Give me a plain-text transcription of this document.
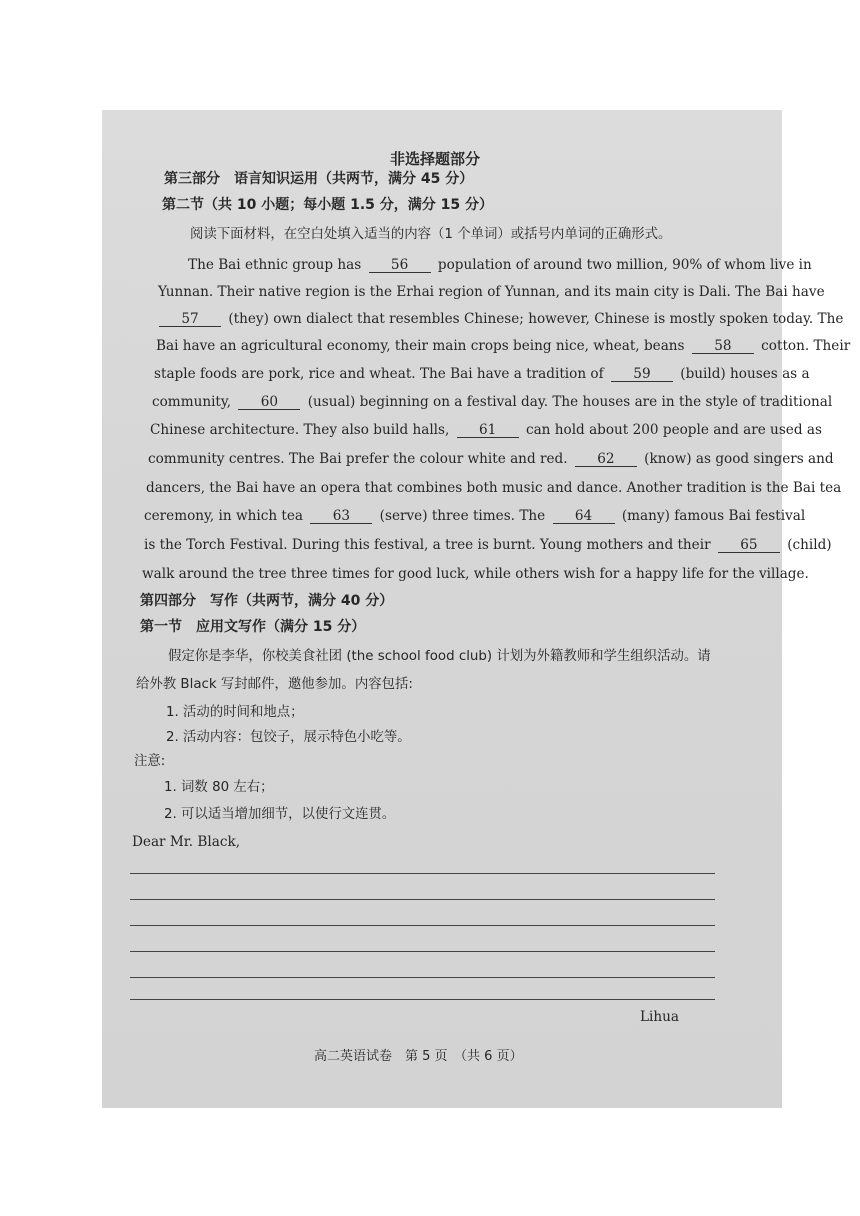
非选择题部分
第三部分　语言知识运用（共两节，满分 45 分）
第二节（共 10 小题；每小题 1.5 分，满分 15 分）
阅读下面材料，在空白处填入适当的内容（1 个单词）或括号内单词的正确形式。
The Bai ethnic group has 56 population of around two million, 90% of whom live in
Yunnan. Their native region is the Erhai region of Yunnan, and its main city is Dali. The Bai have
57 (they) own dialect that resembles Chinese; however, Chinese is mostly spoken today. The
Bai have an agricultural economy, their main crops being nice, wheat, beans 58 cotton. Their
staple foods are pork, rice and wheat. The Bai have a tradition of 59 (build) houses as a
community, 60 (usual) beginning on a festival day. The houses are in the style of traditional
Chinese architecture. They also build halls, 61 can hold about 200 people and are used as
community centres. The Bai prefer the colour white and red. 62 (know) as good singers and
dancers, the Bai have an opera that combines both music and dance. Another tradition is the Bai tea
ceremony, in which tea 63 (serve) three times. The 64 (many) famous Bai festival
is the Torch Festival. During this festival, a tree is burnt. Young mothers and their 65 (child)
walk around the tree three times for good luck, while others wish for a happy life for the village.
第四部分　写作（共两节，满分 40 分）
第一节　应用文写作（满分 15 分）
假定你是李华，你校美食社团 (the school food club) 计划为外籍教师和学生组织活动。请
给外教 Black 写封邮件，邀他参加。内容包括:
1. 活动的时间和地点；
2. 活动内容：包饺子，展示特色小吃等。
注意:
1. 词数 80 左右；
2. 可以适当增加细节，以使行文连贯。
Dear Mr. Black,
Lihua
高二英语试卷　第 5 页　（共 6 页）
